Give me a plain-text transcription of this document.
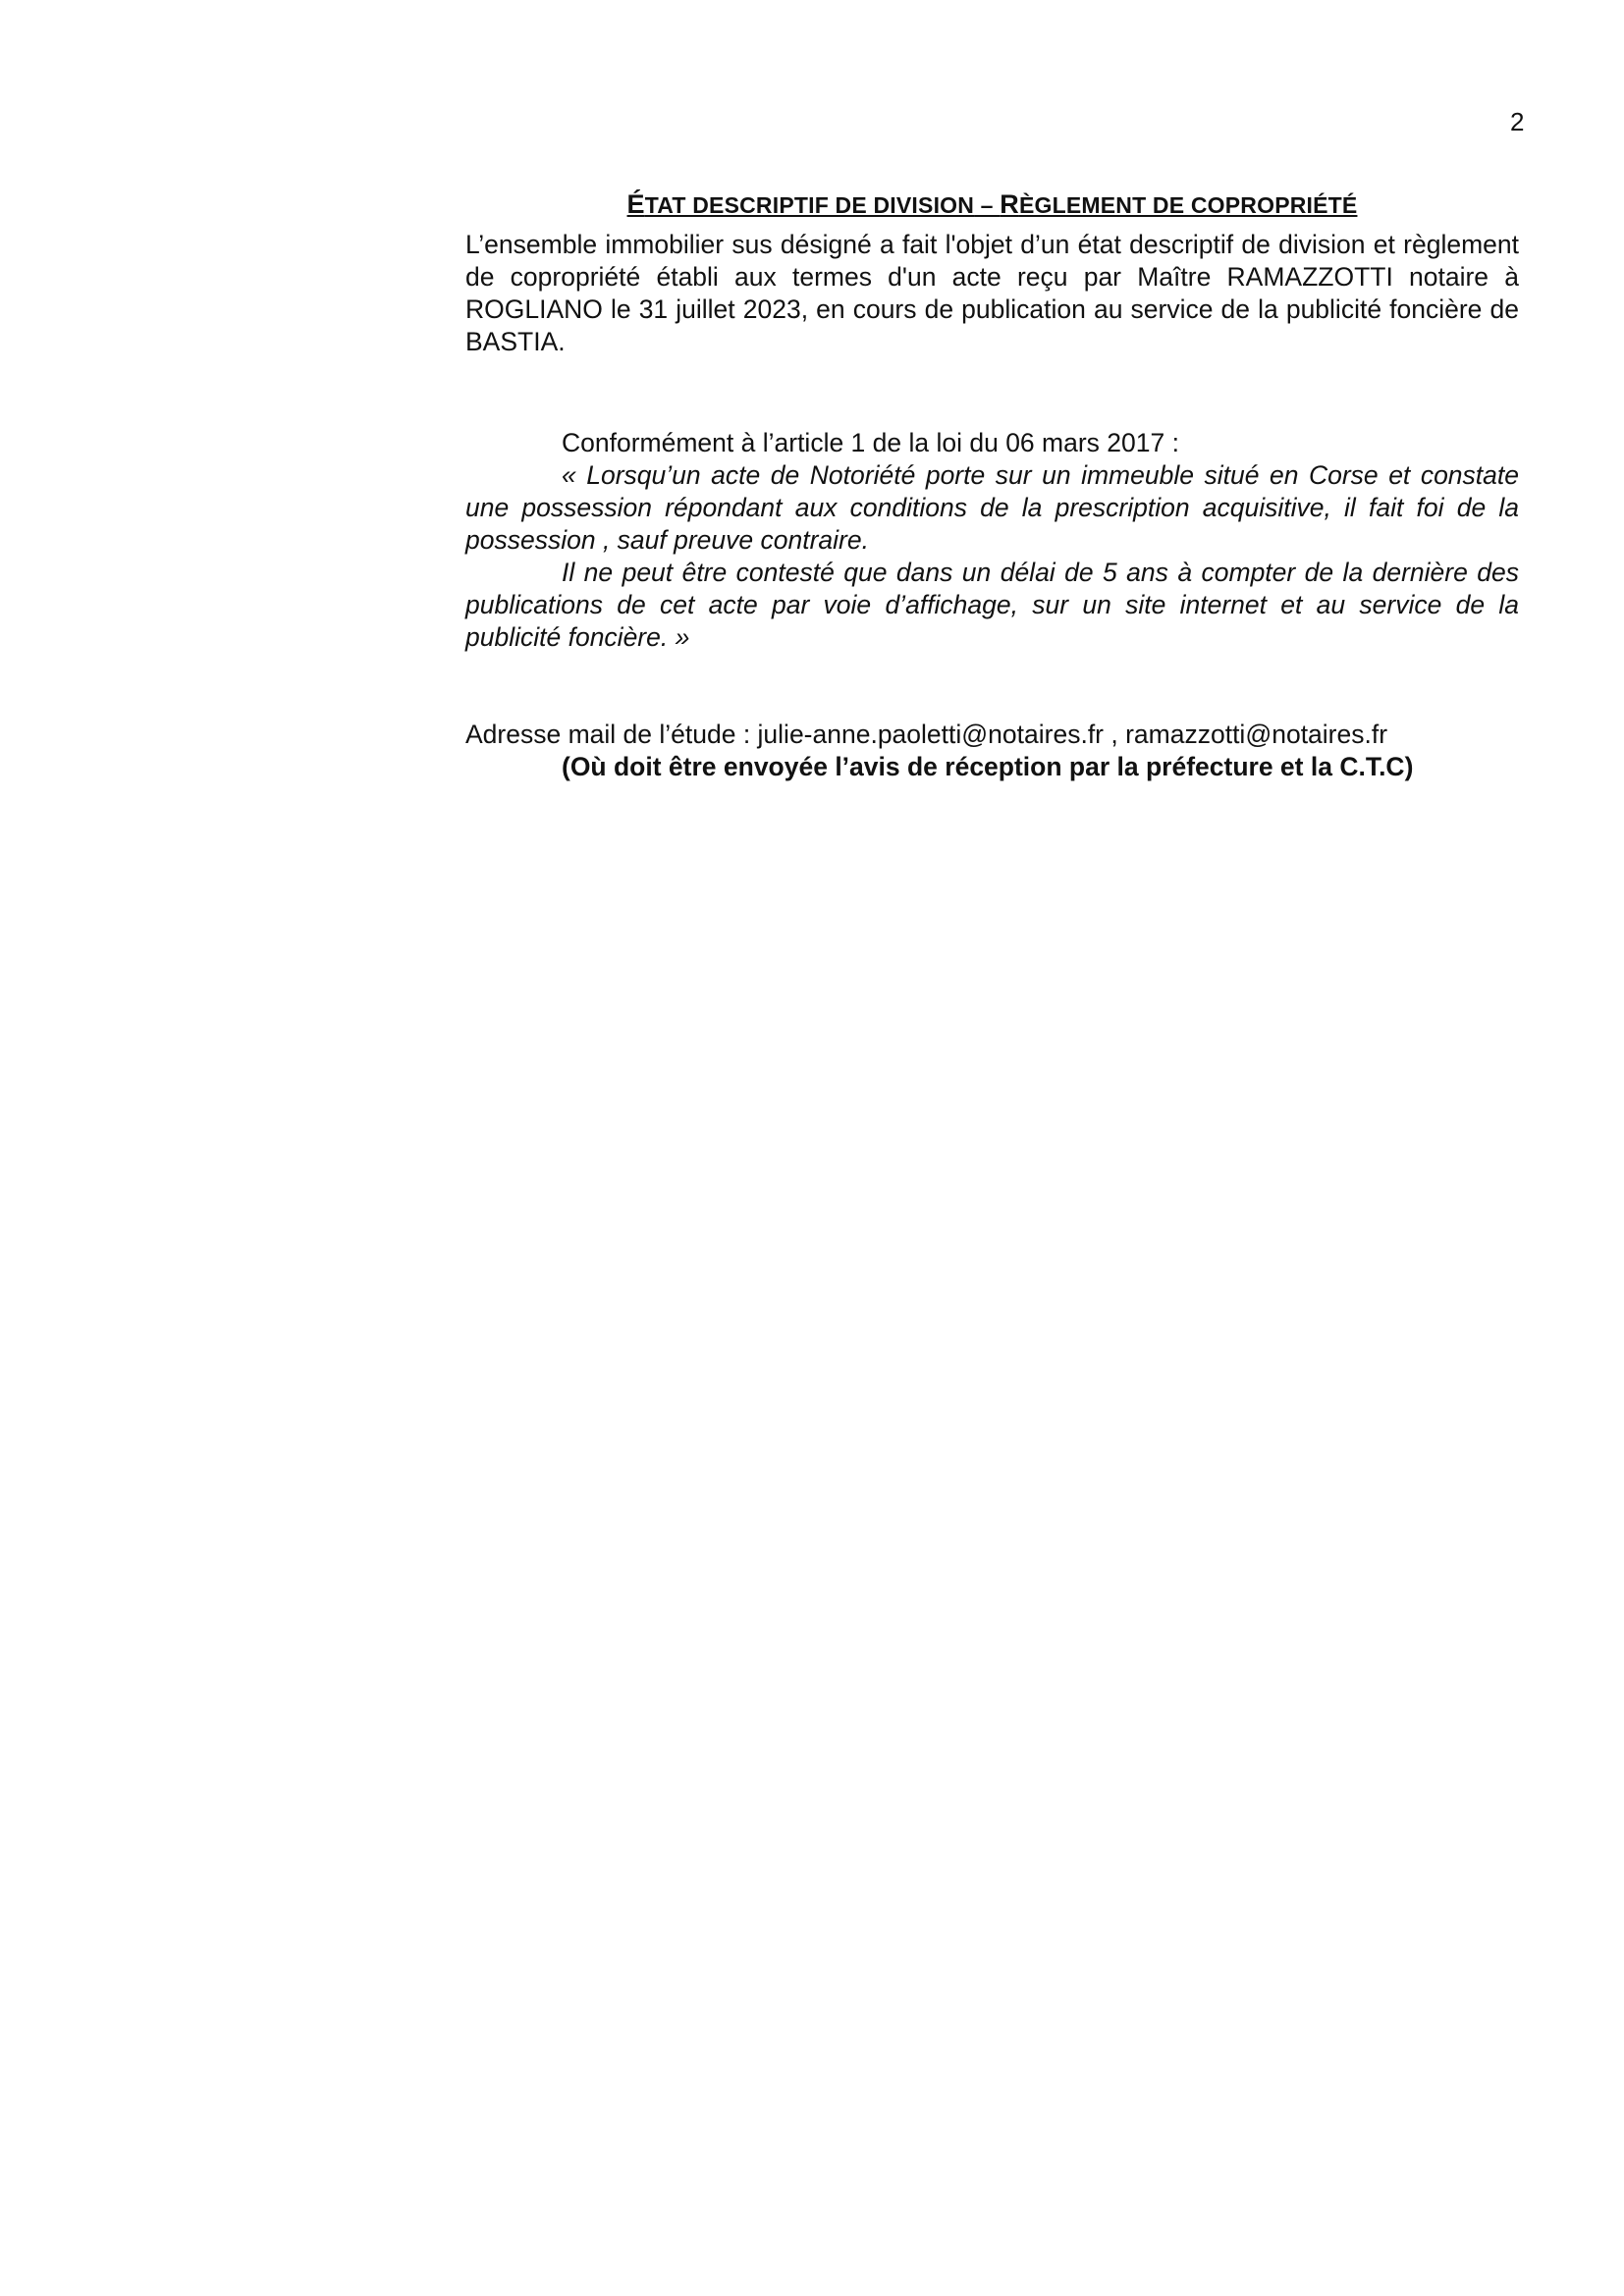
2
ÉTAT DESCRIPTIF DE DIVISION – RÈGLEMENT DE COPROPRIÉTÉ

L’ensemble immobilier sus désigné a fait l'objet d’un état descriptif de division et règlement de copropriété établi aux termes d'un acte reçu par Maître RAMAZZOTTI notaire à ROGLIANO le 31 juillet 2023, en cours de publication au service de la publicité foncière de BASTIA.

Conformément à l’article 1 de la loi du 06 mars 2017 :

« Lorsqu’un acte de Notoriété porte sur un immeuble situé en Corse et constate une possession répondant aux conditions de la prescription acquisitive, il fait foi de la possession , sauf preuve contraire.

Il ne peut être contesté que dans un délai de 5 ans à compter de la dernière des publications de cet acte par voie d’affichage, sur un site internet et au service de la publicité foncière. »

Adresse mail de l’étude : julie-anne.paoletti@notaires.fr , ramazzotti@notaires.fr

(Où doit être envoyée l’avis de réception par la préfecture et la C.T.C)
